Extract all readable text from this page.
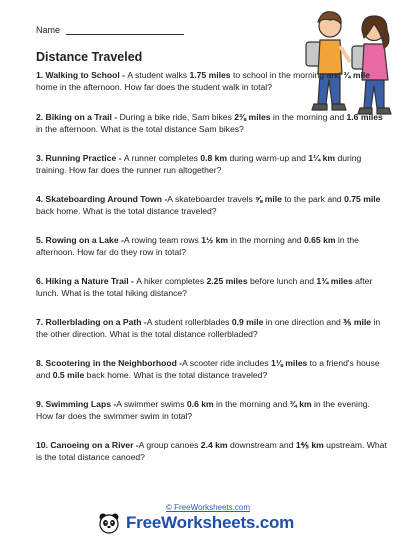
Name
Distance Traveled
1. Walking to School - A student walks 1.75 miles to school in the morning and ¾ mile home in the afternoon. How far does the student walk in total?
2. Biking on a Trail - During a bike ride, Sam bikes 2⅜ miles in the morning and 1.6 miles in the afternoon. What is the total distance Sam bikes?
3. Running Practice - A runner completes 0.8 km during warm-up and 1¼ km during training. How far does the runner run altogether?
4. Skateboarding Around Town -A skateboarder travels ⅝ mile to the park and 0.75 mile back home. What is the total distance traveled?
5. Rowing on a Lake -A rowing team rows 1½ km in the morning and 0.65 km in the afternoon. How far do they row in total?
6. Hiking a Nature Trail - A hiker completes 2.25 miles before lunch and 1¾ miles after lunch. What is the total hiking distance?
7. Rollerblading on a Path -A student rollerblades 0.9 mile in one direction and ⅗ mile in the other direction. What is the total distance rollerbladed?
8. Scootering in the Neighborhood -A scooter ride includes 1⅛ miles to a friend's house and 0.5 mile back home. What is the total distance traveled?
9. Swimming Laps -A swimmer swims 0.6 km in the morning and ¾ km in the evening. How far does the swimmer swim in total?
10. Canoeing on a River -A group canoes 2.4 km downstream and 1⅘ km upstream. What is the total distance canoed?
© FreeWorksheets.com
FreeWorksheets.com
